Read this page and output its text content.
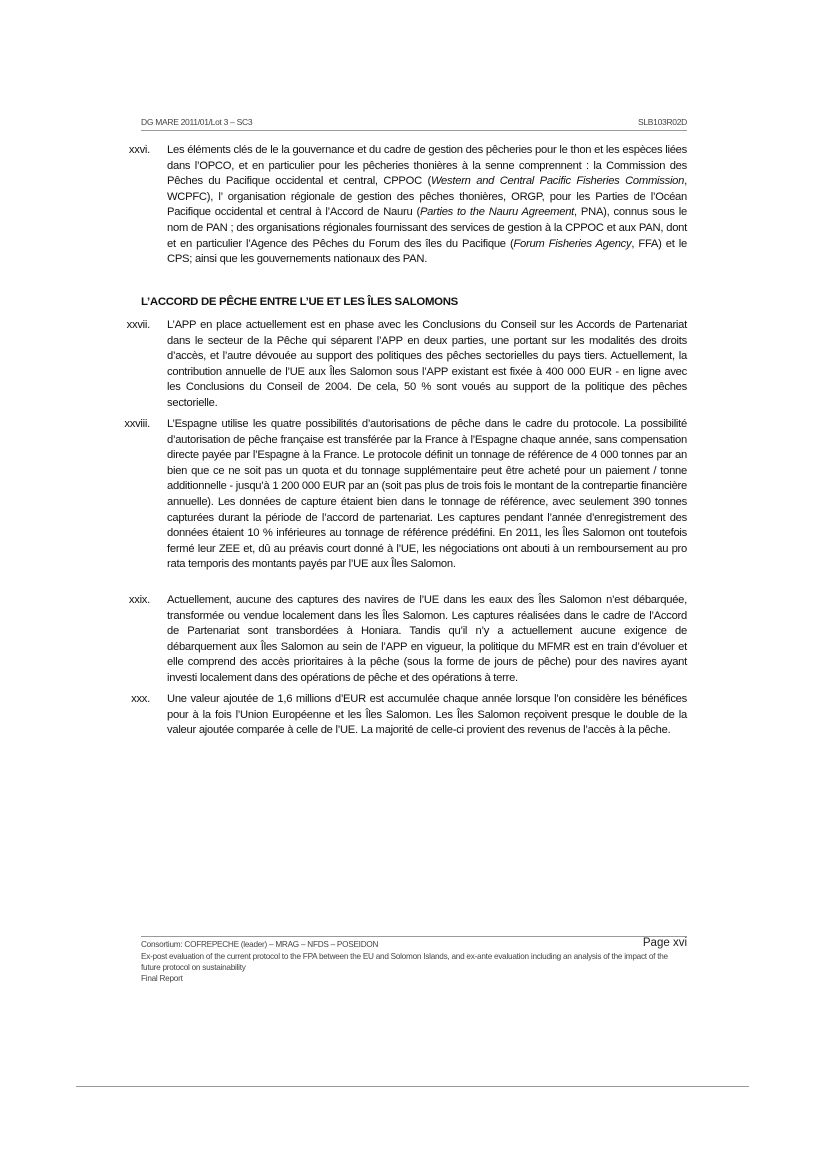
DG MARE 2011/01/Lot 3 – SC3	SLB103R02D
xxvi. Les éléments clés de le la gouvernance et du cadre de gestion des pêcheries pour le thon et les espèces liées dans l’OPCO, et en particulier pour les pêcheries thonières à la senne comprennent : la Commission des Pêches du Pacifique occidental et central, CPPOC (Western and Central Pacific Fisheries Commission, WCPFC), l’ organisation régionale de gestion des pêches thonières, ORGP, pour les Parties de l’Océan Pacifique occidental et central à l’Accord de Nauru (Parties to the Nauru Agreement, PNA), connus sous le nom de PAN ; des organisations régionales fournissant des services de gestion à la CPPOC et aux PAN, dont et en particulier l’Agence des Pêches du Forum des îles du Pacifique (Forum Fisheries Agency, FFA) et le CPS; ainsi que les gouvernements nationaux des PAN.
L’ACCORD DE PÊCHE ENTRE L’UE ET LES ÎLES SALOMONS
xxvii. L’APP en place actuellement est en phase avec les Conclusions du Conseil sur les Accords de Partenariat dans le secteur de la Pêche qui séparent l’APP en deux parties, une portant sur les modalités des droits d’accès, et l’autre dévouée au support des politiques des pêches sectorielles du pays tiers. Actuellement, la contribution annuelle de l’UE aux Îles Salomon sous l’APP existant est fixée à 400 000 EUR - en ligne avec les Conclusions du Conseil de 2004. De cela, 50 % sont voués au support de la politique des pêches sectorielle.
xxviii. L’Espagne utilise les quatre possibilités d’autorisations de pêche dans le cadre du protocole. La possibilité d’autorisation de pêche française est transférée par la France à l’Espagne chaque année, sans compensation directe payée par l’Espagne à la France. Le protocole définit un tonnage de référence de 4 000 tonnes par an bien que ce ne soit pas un quota et du tonnage supplémentaire peut être acheté pour un paiement / tonne additionnelle - jusqu’à 1 200 000 EUR par an (soit pas plus de trois fois le montant de la contrepartie financière annuelle). Les données de capture étaient bien dans le tonnage de référence, avec seulement 390 tonnes capturées durant la période de l’accord de partenariat. Les captures pendant l’année d’enregistrement des données étaient 10 % inférieures au tonnage de référence prédéfini. En 2011, les Îles Salomon ont toutefois fermé leur ZEE et, dû au préavis court donné à l’UE, les négociations ont abouti à un remboursement au pro rata temporis des montants payés par l’UE aux Îles Salomon.
xxix. Actuellement, aucune des captures des navires de l’UE dans les eaux des Îles Salomon n’est débarquée, transformée ou vendue localement dans les Îles Salomon. Les captures réalisées dans le cadre de l’Accord de Partenariat sont transbordées à Honiara. Tandis qu’il n’y a actuellement aucune exigence de débarquement aux Îles Salomon au sein de l’APP en vigueur, la politique du MFMR est en train d’évoluer et elle comprend des accès prioritaires à la pêche (sous la forme de jours de pêche) pour des navires ayant investi localement dans des opérations de pêche et des opérations à terre.
xxx. Une valeur ajoutée de 1,6 millions d’EUR est accumulée chaque année lorsque l’on considère les bénéfices pour à la fois l’Union Européenne et les Îles Salomon. Les Îles Salomon reçoivent presque le double de la valeur ajoutée comparée à celle de l’UE. La majorité de celle-ci provient des revenus de l’accès à la pêche.
Consortium: COFREPECHE (leader) – MRAG – NFDS – POSEIDON	Page xvi
Ex-post evaluation of the current protocol to the FPA between the EU and Solomon Islands, and ex-ante evaluation including an analysis of the impact of the future protocol on sustainability
Final Report
